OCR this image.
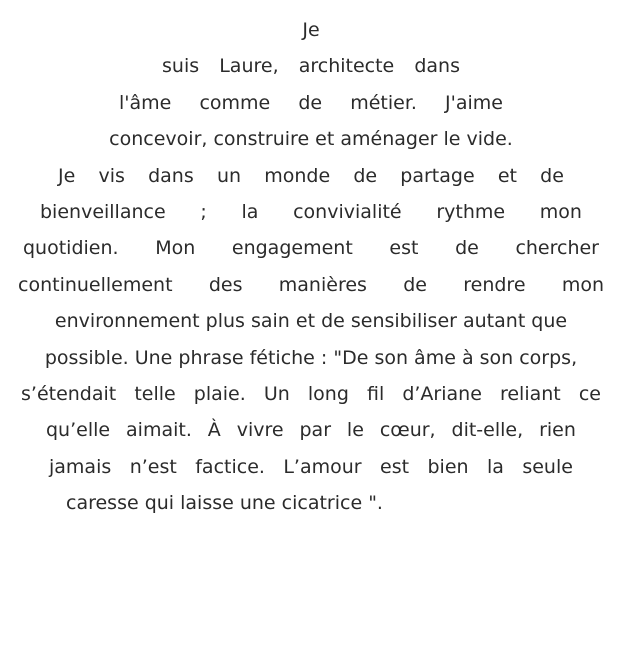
Je
suis Laure, architecte dans
l'âme comme de métier. J'aime
concevoir, construire et aménager le vide.
Je vis dans un monde de partage et de
bienveillance ; la convivialité rythme mon
quotidien. Mon engagement est de chercher
continuellement des manières de rendre mon
environnement plus sain et de sensibiliser autant que
possible. Une phrase fétiche : "De son âme à son corps,
s’étendait telle plaie. Un long fil d’Ariane reliant ce
qu’elle aimait. À vivre par le cœur, dit-elle, rien
jamais n’est factice. L’amour est bien la seule
caresse qui laisse une cicatrice ".
